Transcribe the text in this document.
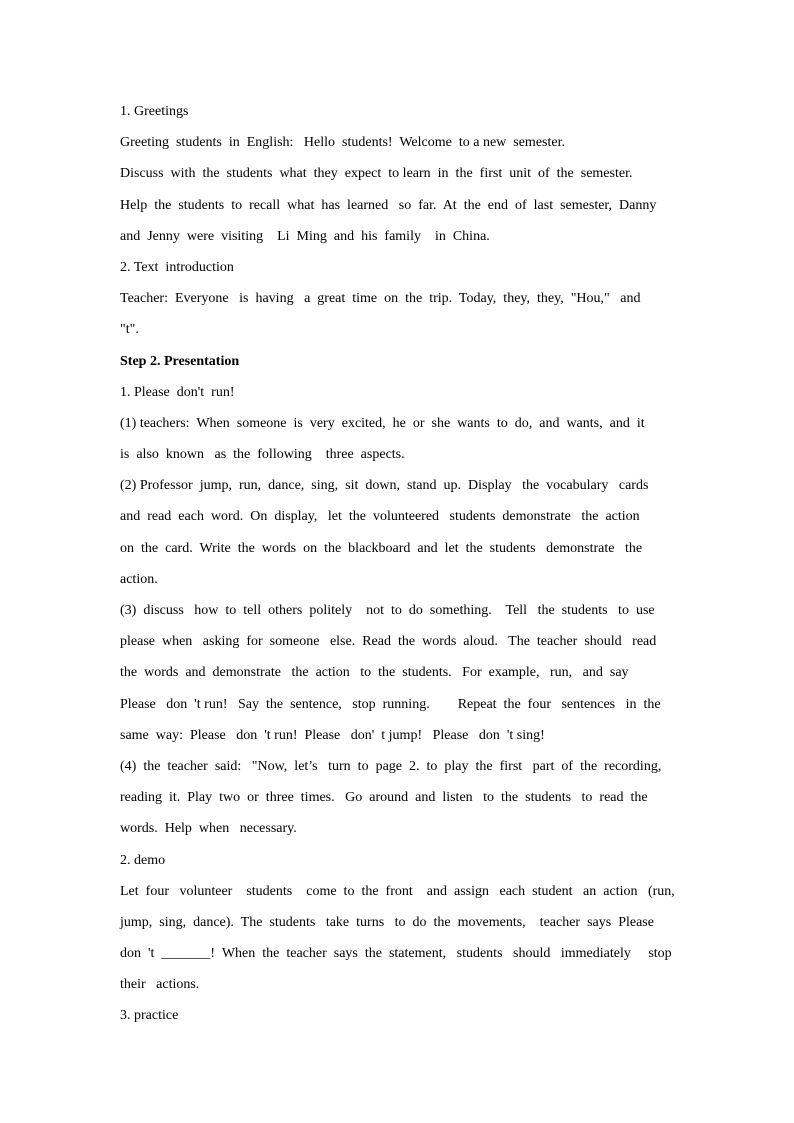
1. Greetings
Greeting  students  in  English:   Hello  students!  Welcome  to a new  semester.
Discuss  with  the  students  what  they  expect  to learn  in  the  first  unit  of  the  semester.
Help  the  students  to  recall  what  has  learned   so  far.  At  the  end  of  last  semester,  Danny
and  Jenny  were  visiting    Li  Ming  and  his  family    in  China.
2. Text  introduction
Teacher:  Everyone   is  having   a  great  time  on  the  trip.  Today,  they,  they,  "Hou,"   and
"t".
Step 2. Presentation
1. Please  don't  run!
(1) teachers:  When  someone  is  very  excited,  he  or  she  wants  to  do,  and  wants,  and  it
is  also  known   as  the  following    three  aspects.
(2) Professor  jump,  run,  dance,  sing,  sit  down,  stand  up.  Display   the  vocabulary   cards
and  read  each  word.  On  display,   let  the  volunteered   students  demonstrate   the  action
on  the  card.  Write  the  words  on  the  blackboard  and  let  the  students   demonstrate   the
action.
(3)  discuss   how  to  tell  others  politely    not  to  do  something.    Tell   the  students   to  use
please  when   asking  for  someone   else.  Read  the  words  aloud.   The  teacher  should   read
the  words  and  demonstrate   the  action   to  the  students.   For  example,   run,   and  say
Please   don  't run!   Say  the  sentence,   stop  running.        Repeat  the  four   sentences   in  the
same  way:  Please   don  't run!  Please   don'  t jump!   Please   don  't sing!
(4)  the  teacher  said:   "Now,  let’s   turn  to  page  2.  to  play  the  first   part  of  the  recording,
reading  it.  Play  two  or  three  times.   Go  around  and  listen   to  the  students   to  read  the
words.  Help  when   necessary.
2. demo
Let  four   volunteer    students    come  to  the  front    and  assign   each  student   an  action   (run,
jump,  sing,  dance).  The  students   take  turns   to  do  the  movements,    teacher  says  Please
don  't  _______!  When  the  teacher  says  the  statement,   students   should   immediately     stop
their   actions.
3. practice
